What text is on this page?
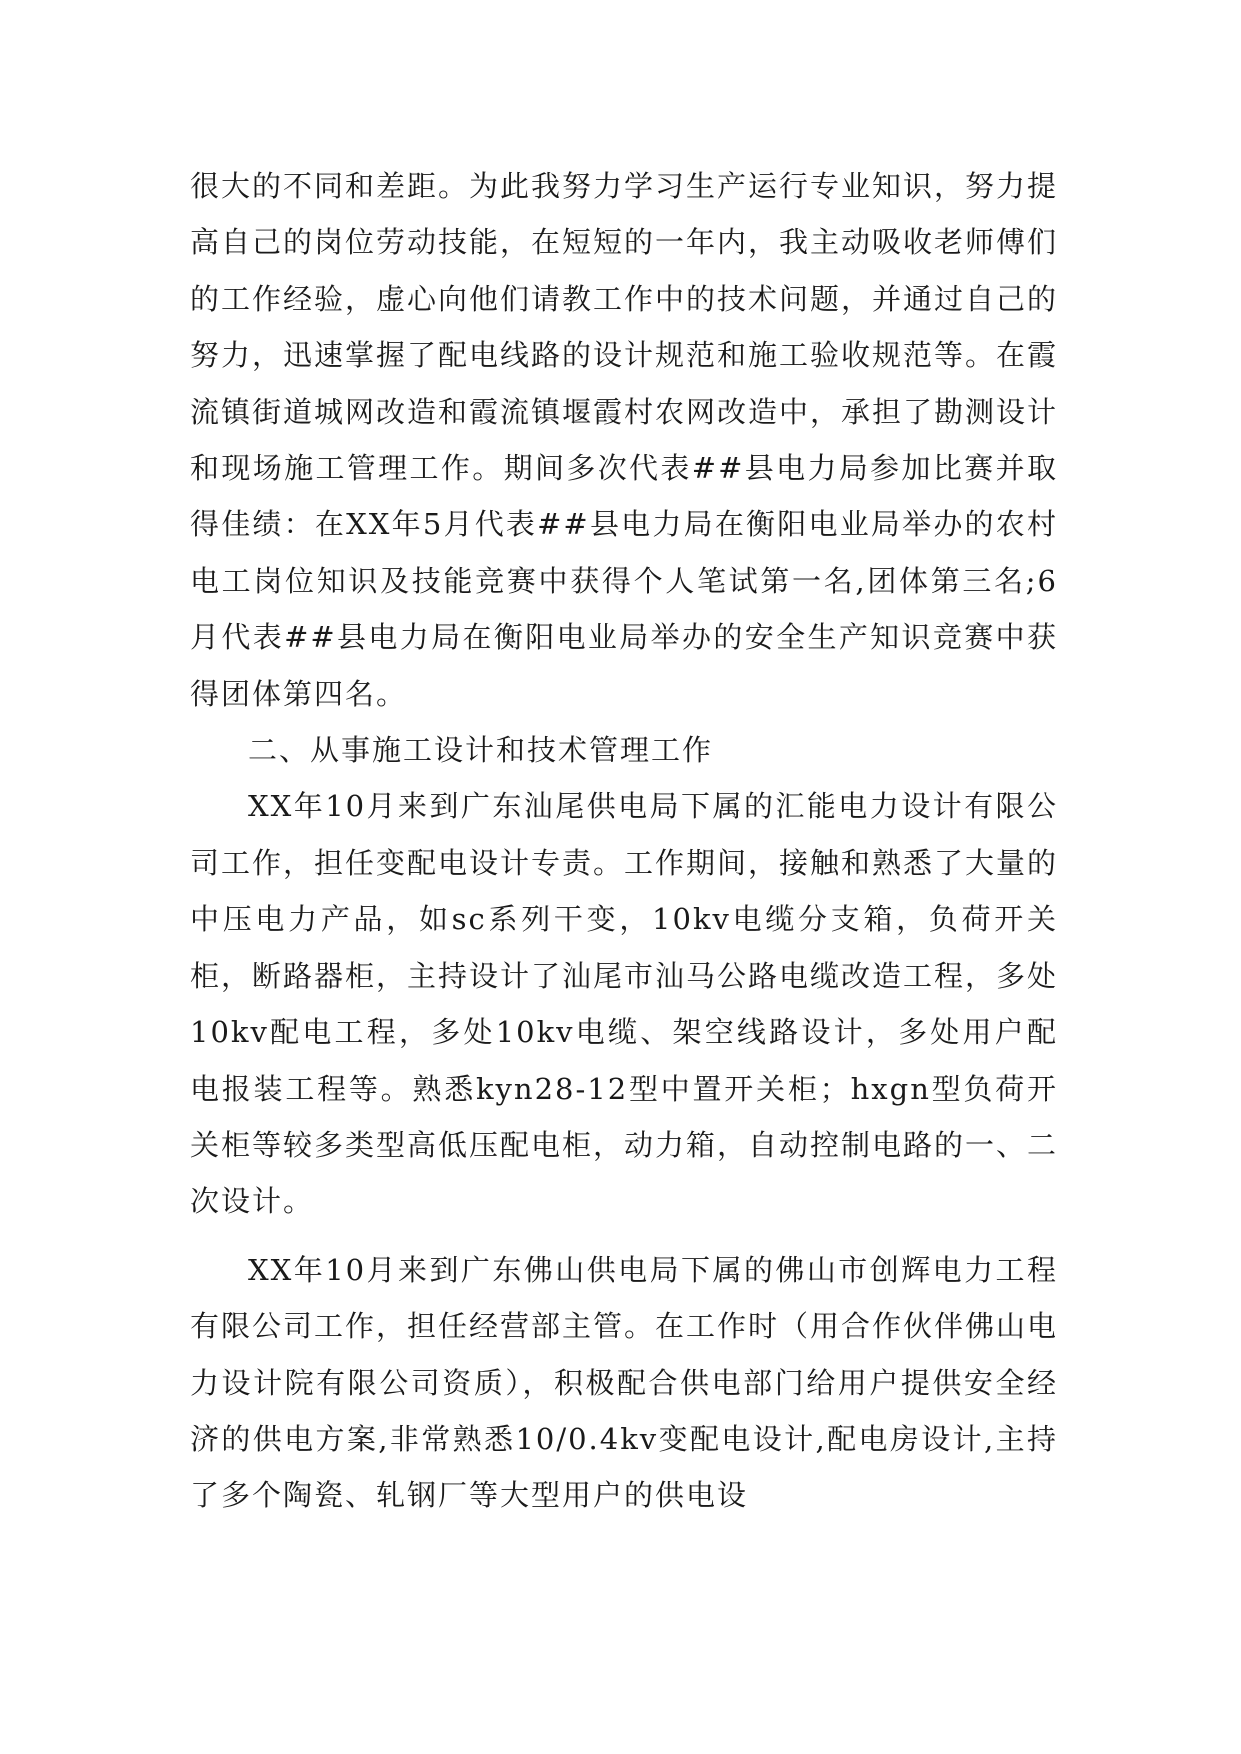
很大的不同和差距。为此我努力学习生产运行专业知识，努力提高自己的岗位劳动技能，在短短的一年内，我主动吸收老师傅们的工作经验，虚心向他们请教工作中的技术问题，并通过自己的努力，迅速掌握了配电线路的设计规范和施工验收规范等。在霞流镇街道城网改造和霞流镇堰霞村农网改造中，承担了勘测设计和现场施工管理工作。期间多次代表##县电力局参加比赛并取得佳绩：在XX年5月代表##县电力局在衡阳电业局举办的农村电工岗位知识及技能竞赛中获得个人笔试第一名,团体第三名;6月代表##县电力局在衡阳电业局举办的安全生产知识竞赛中获得团体第四名。

二、从事施工设计和技术管理工作

XX年10月来到广东汕尾供电局下属的汇能电力设计有限公司工作，担任变配电设计专责。工作期间，接触和熟悉了大量的中压电力产品，如sc系列干变，10kv电缆分支箱，负荷开关柜，断路器柜，主持设计了汕尾市汕马公路电缆改造工程，多处10kv配电工程，多处10kv电缆、架空线路设计，多处用户配电报装工程等。熟悉kyn28-12型中置开关柜；hxgn型负荷开关柜等较多类型高低压配电柜，动力箱，自动控制电路的一、二次设计。

XX年10月来到广东佛山供电局下属的佛山市创辉电力工程有限公司工作，担任经营部主管。在工作时（用合作伙伴佛山电力设计院有限公司资质），积极配合供电部门给用户提供安全经济的供电方案,非常熟悉10/0.4kv变配电设计,配电房设计,主持了多个陶瓷、轧钢厂等大型用户的供电设
